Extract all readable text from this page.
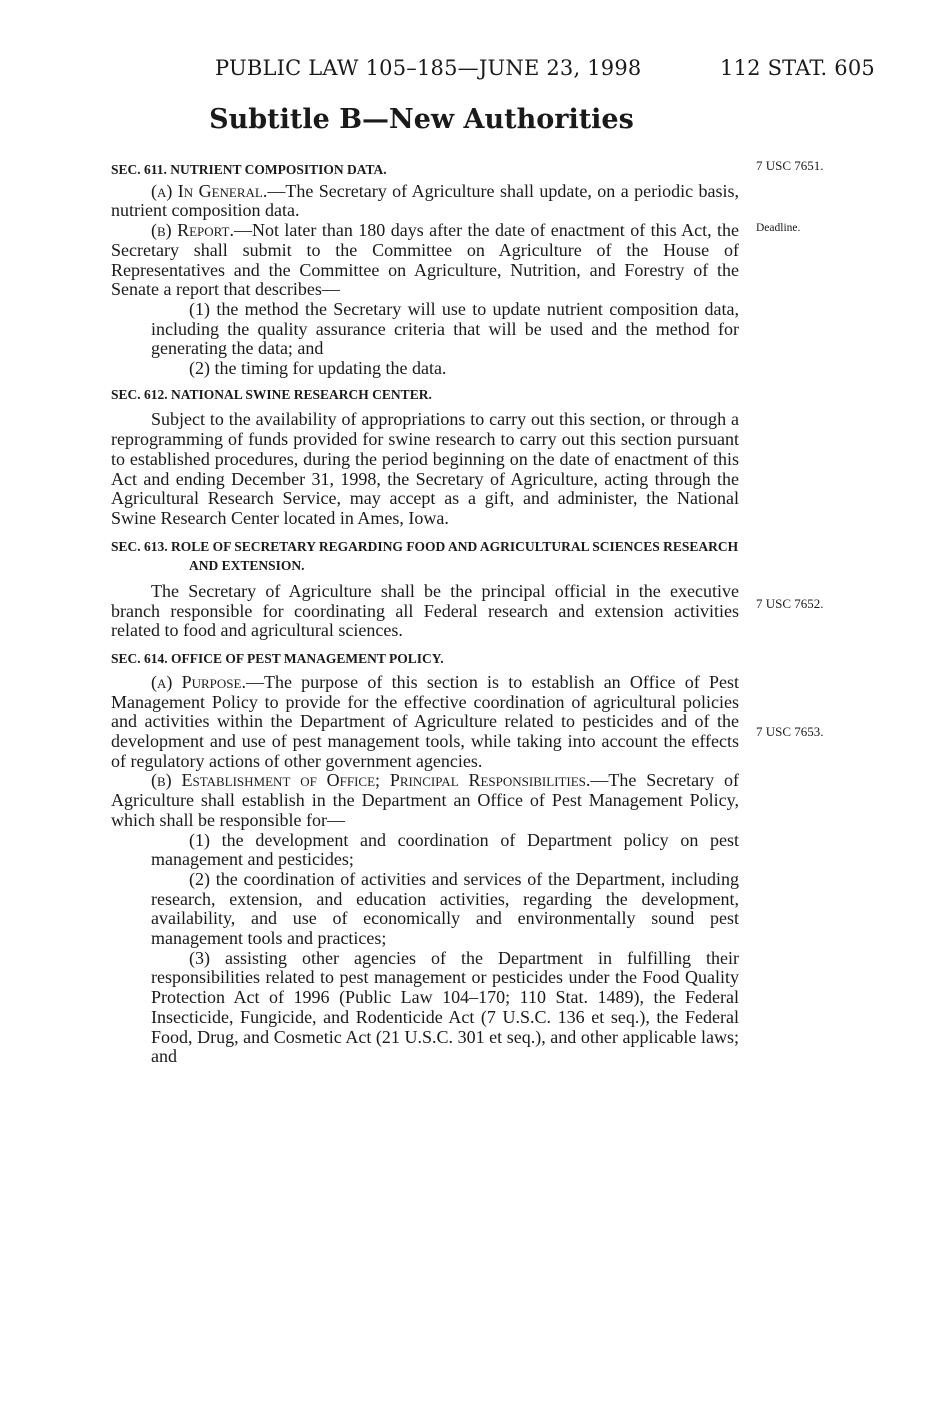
PUBLIC LAW 105–185—JUNE 23, 1998	112 STAT. 605
Subtitle B—New Authorities
7 USC 7651.
Deadline.
7 USC 7652.
7 USC 7653.
SEC. 611. NUTRIENT COMPOSITION DATA.

(a) In General.—The Secretary of Agriculture shall update, on a periodic basis, nutrient composition data.

(b) Report.—Not later than 180 days after the date of enactment of this Act, the Secretary shall submit to the Committee on Agriculture of the House of Representatives and the Committee on Agriculture, Nutrition, and Forestry of the Senate a report that describes—

(1) the method the Secretary will use to update nutrient composition data, including the quality assurance criteria that will be used and the method for generating the data; and

(2) the timing for updating the data.

SEC. 612. NATIONAL SWINE RESEARCH CENTER.

Subject to the availability of appropriations to carry out this section, or through a reprogramming of funds provided for swine research to carry out this section pursuant to established procedures, during the period beginning on the date of enactment of this Act and ending December 31, 1998, the Secretary of Agriculture, acting through the Agricultural Research Service, may accept as a gift, and administer, the National Swine Research Center located in Ames, Iowa.

SEC. 613. ROLE OF SECRETARY REGARDING FOOD AND AGRICULTURAL SCIENCES RESEARCH AND EXTENSION.

The Secretary of Agriculture shall be the principal official in the executive branch responsible for coordinating all Federal research and extension activities related to food and agricultural sciences.

SEC. 614. OFFICE OF PEST MANAGEMENT POLICY.

(a) Purpose.—The purpose of this section is to establish an Office of Pest Management Policy to provide for the effective coordination of agricultural policies and activities within the Department of Agriculture related to pesticides and of the development and use of pest management tools, while taking into account the effects of regulatory actions of other government agencies.

(b) Establishment of Office; Principal Responsibilities.—The Secretary of Agriculture shall establish in the Department an Office of Pest Management Policy, which shall be responsible for—

(1) the development and coordination of Department policy on pest management and pesticides;

(2) the coordination of activities and services of the Department, including research, extension, and education activities, regarding the development, availability, and use of economically and environmentally sound pest management tools and practices;

(3) assisting other agencies of the Department in fulfilling their responsibilities related to pest management or pesticides under the Food Quality Protection Act of 1996 (Public Law 104–170; 110 Stat. 1489), the Federal Insecticide, Fungicide, and Rodenticide Act (7 U.S.C. 136 et seq.), the Federal Food, Drug, and Cosmetic Act (21 U.S.C. 301 et seq.), and other applicable laws; and
